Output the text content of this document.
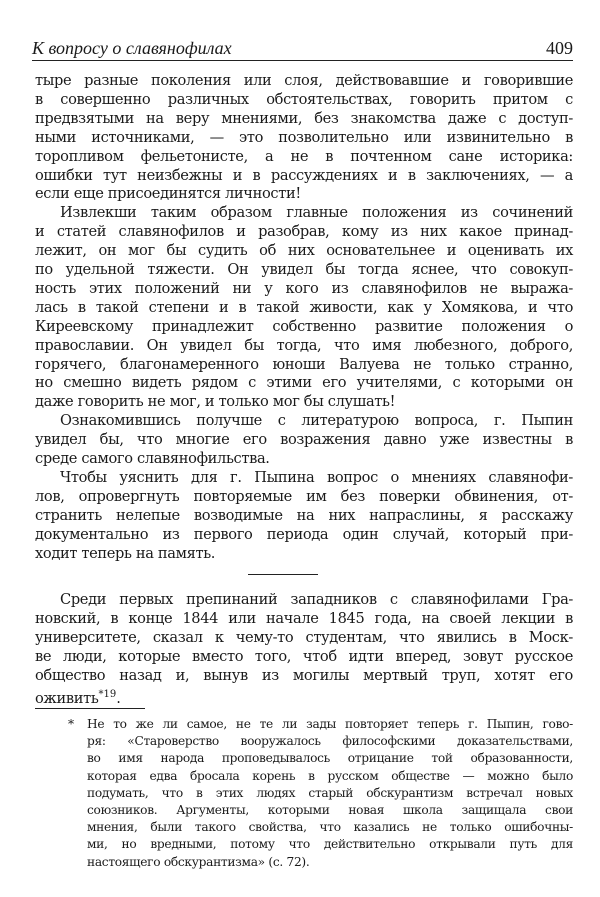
К вопросу о славянофилах	409
тыре разные поколения или слоя, действовавшие и говорившие
в совершенно различных обстоятельствах, говорить притом с
предвзятыми на веру мнениями, без знакомства даже с доступ-
ными источниками, — это позволительно или извинительно в
торопливом фельетонисте, а не в почтенном сане историка:
ошибки тут неизбежны и в рассуждениях и в заключениях, — а
если еще присоединятся личности!
Извлекши таким образом главные положения из сочинений
и статей славянофилов и разобрав, кому из них какое принад-
лежит, он мог бы судить об них основательнее и оценивать их
по удельной тяжести. Он увидел бы тогда яснее, что совокуп-
ность этих положений ни у кого из славянофилов не выража-
лась в такой степени и в такой живости, как у Хомякова, и что
Киреевскому принадлежит собственно развитие положения о
православии. Он увидел бы тогда, что имя любезного, доброго,
горячего, благонамеренного юноши Валуева не только странно,
но смешно видеть рядом с этими его учителями, с которыми он
даже говорить не мог, и только мог бы слушать!
Ознакомившись получше с литературою вопроса, г. Пыпин
увидел бы, что многие его возражения давно уже известны в
среде самого славянофильства.
Чтобы уяснить для г. Пыпина вопрос о мнениях славянофи-
лов, опровергнуть повторяемые им без поверки обвинения, от-
странить нелепые возводимые на них напраслины, я расскажу
документально из первого периода один случай, который при-
ходит теперь на память.
Среди первых препинаний западников с славянофилами Гра-
новский, в конце 1844 или начале 1845 года, на своей лекции в
университете, сказал к чему-то студентам, что явились в Моск-
ве люди, которые вместо того, чтоб идти вперед, зовут русское
общество назад и, вынув из могилы мертвый труп, хотят его
оживить$^{*19}$.
* Не то же ли самое, не те ли зады повторяет теперь г. Пыпин, гово-
ря: «Староверство вооружалось философскими доказательствами,
во имя народа проповедывалось отрицание той образованности,
которая едва бросала корень в русском обществе — можно было
подумать, что в этих людях старый обскурантизм встречал новых
союзников. Аргументы, которыми новая школа защищала свои
мнения, были такого свойства, что казались не только ошибочны-
ми, но вредными, потому что действительно открывали путь для
настоящего обскурантизма» (с. 72).
